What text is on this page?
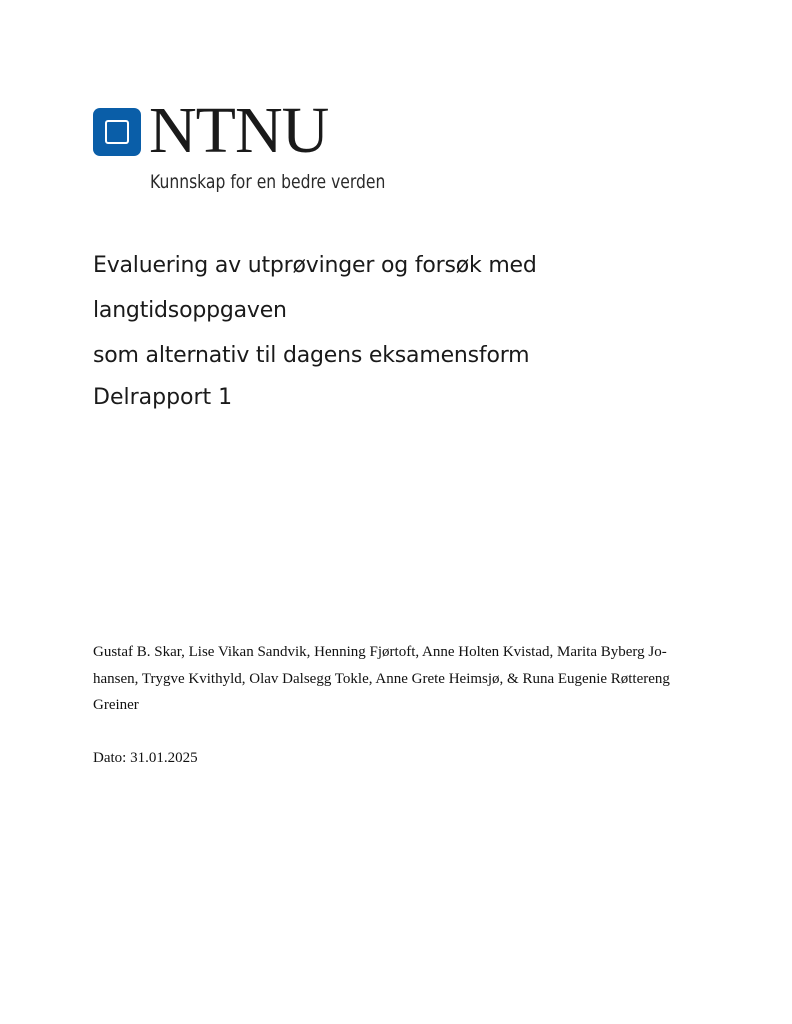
NTNU
Kunnskap for en bedre verden
Evaluering av utprøvinger og forsøk med langtidsoppgaven
som alternativ til dagens eksamensform
Delrapport 1

Gustaf B. Skar, Lise Vikan Sandvik, Henning Fjørtoft, Anne Holten Kvistad, Marita Byberg Jo-
hansen, Trygve Kvithyld, Olav Dalsegg Tokle, Anne Grete Heimsjø, & Runa Eugenie Røttereng
Greiner

Dato: 31.01.2025
